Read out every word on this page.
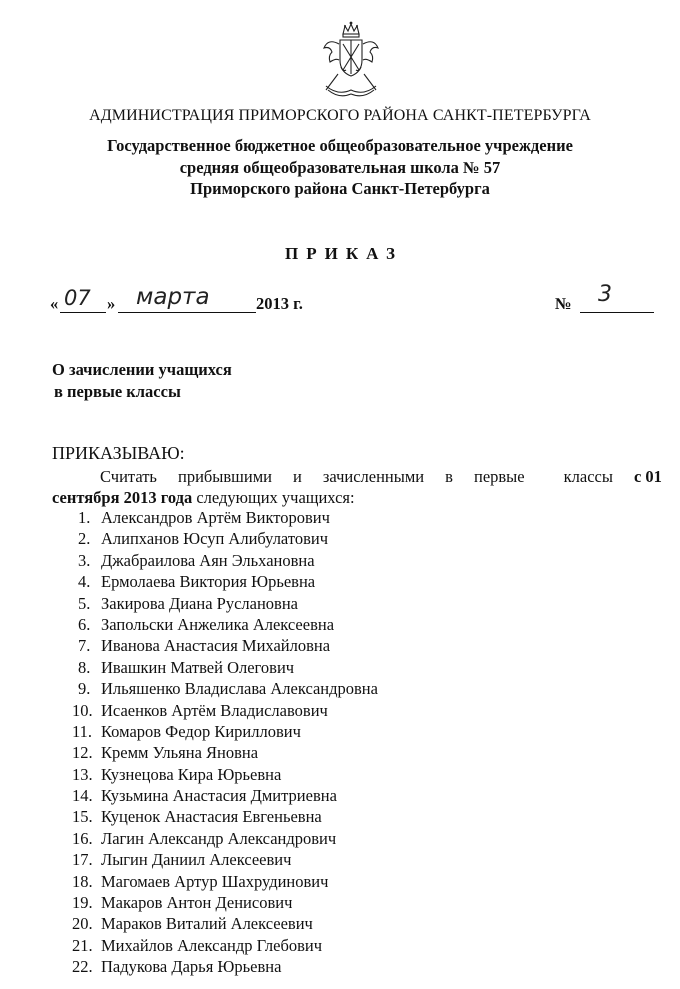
АДМИНИСТРАЦИЯ ПРИМОРСКОГО РАЙОНА САНКТ-ПЕТЕРБУРГА
Государственное бюджетное общеобразовательное учреждение
средняя общеобразовательная школа № 57
Приморского района Санкт-Петербурга
ПРИКАЗ
« 07 » марта	2013 г.	№ 3
О зачислении учащихся
в первые классы
ПРИКАЗЫВАЮ:
Считать прибывшими и зачисленными в первые классы с 01
сентября 2013 года следующих учащихся:
1. Александров Артём Викторович
2. Алипханов Юсуп Алибулатович
3. Джабраилова Аян Эльхановна
4. Ермолаева Виктория Юрьевна
5. Закирова Диана Руслановна
6. Запольски Анжелика Алексеевна
7. Иванова Анастасия Михайловна
8. Ивашкин Матвей Олегович
9. Ильяшенко Владислава Александровна
10. Исаенков Артём Владиславович
11. Комаров Федор Кириллович
12. Кремм Ульяна Яновна
13. Кузнецова Кира Юрьевна
14. Кузьмина Анастасия Дмитриевна
15. Куценок Анастасия Евгеньевна
16. Лагин Александр Александрович
17. Лыгин Даниил Алексеевич
18. Магомаев Артур Шахрудинович
19. Макаров Антон Денисович
20. Мараков Виталий Алексеевич
21. Михайлов Александр Глебович
22. Падукова Дарья Юрьевна
